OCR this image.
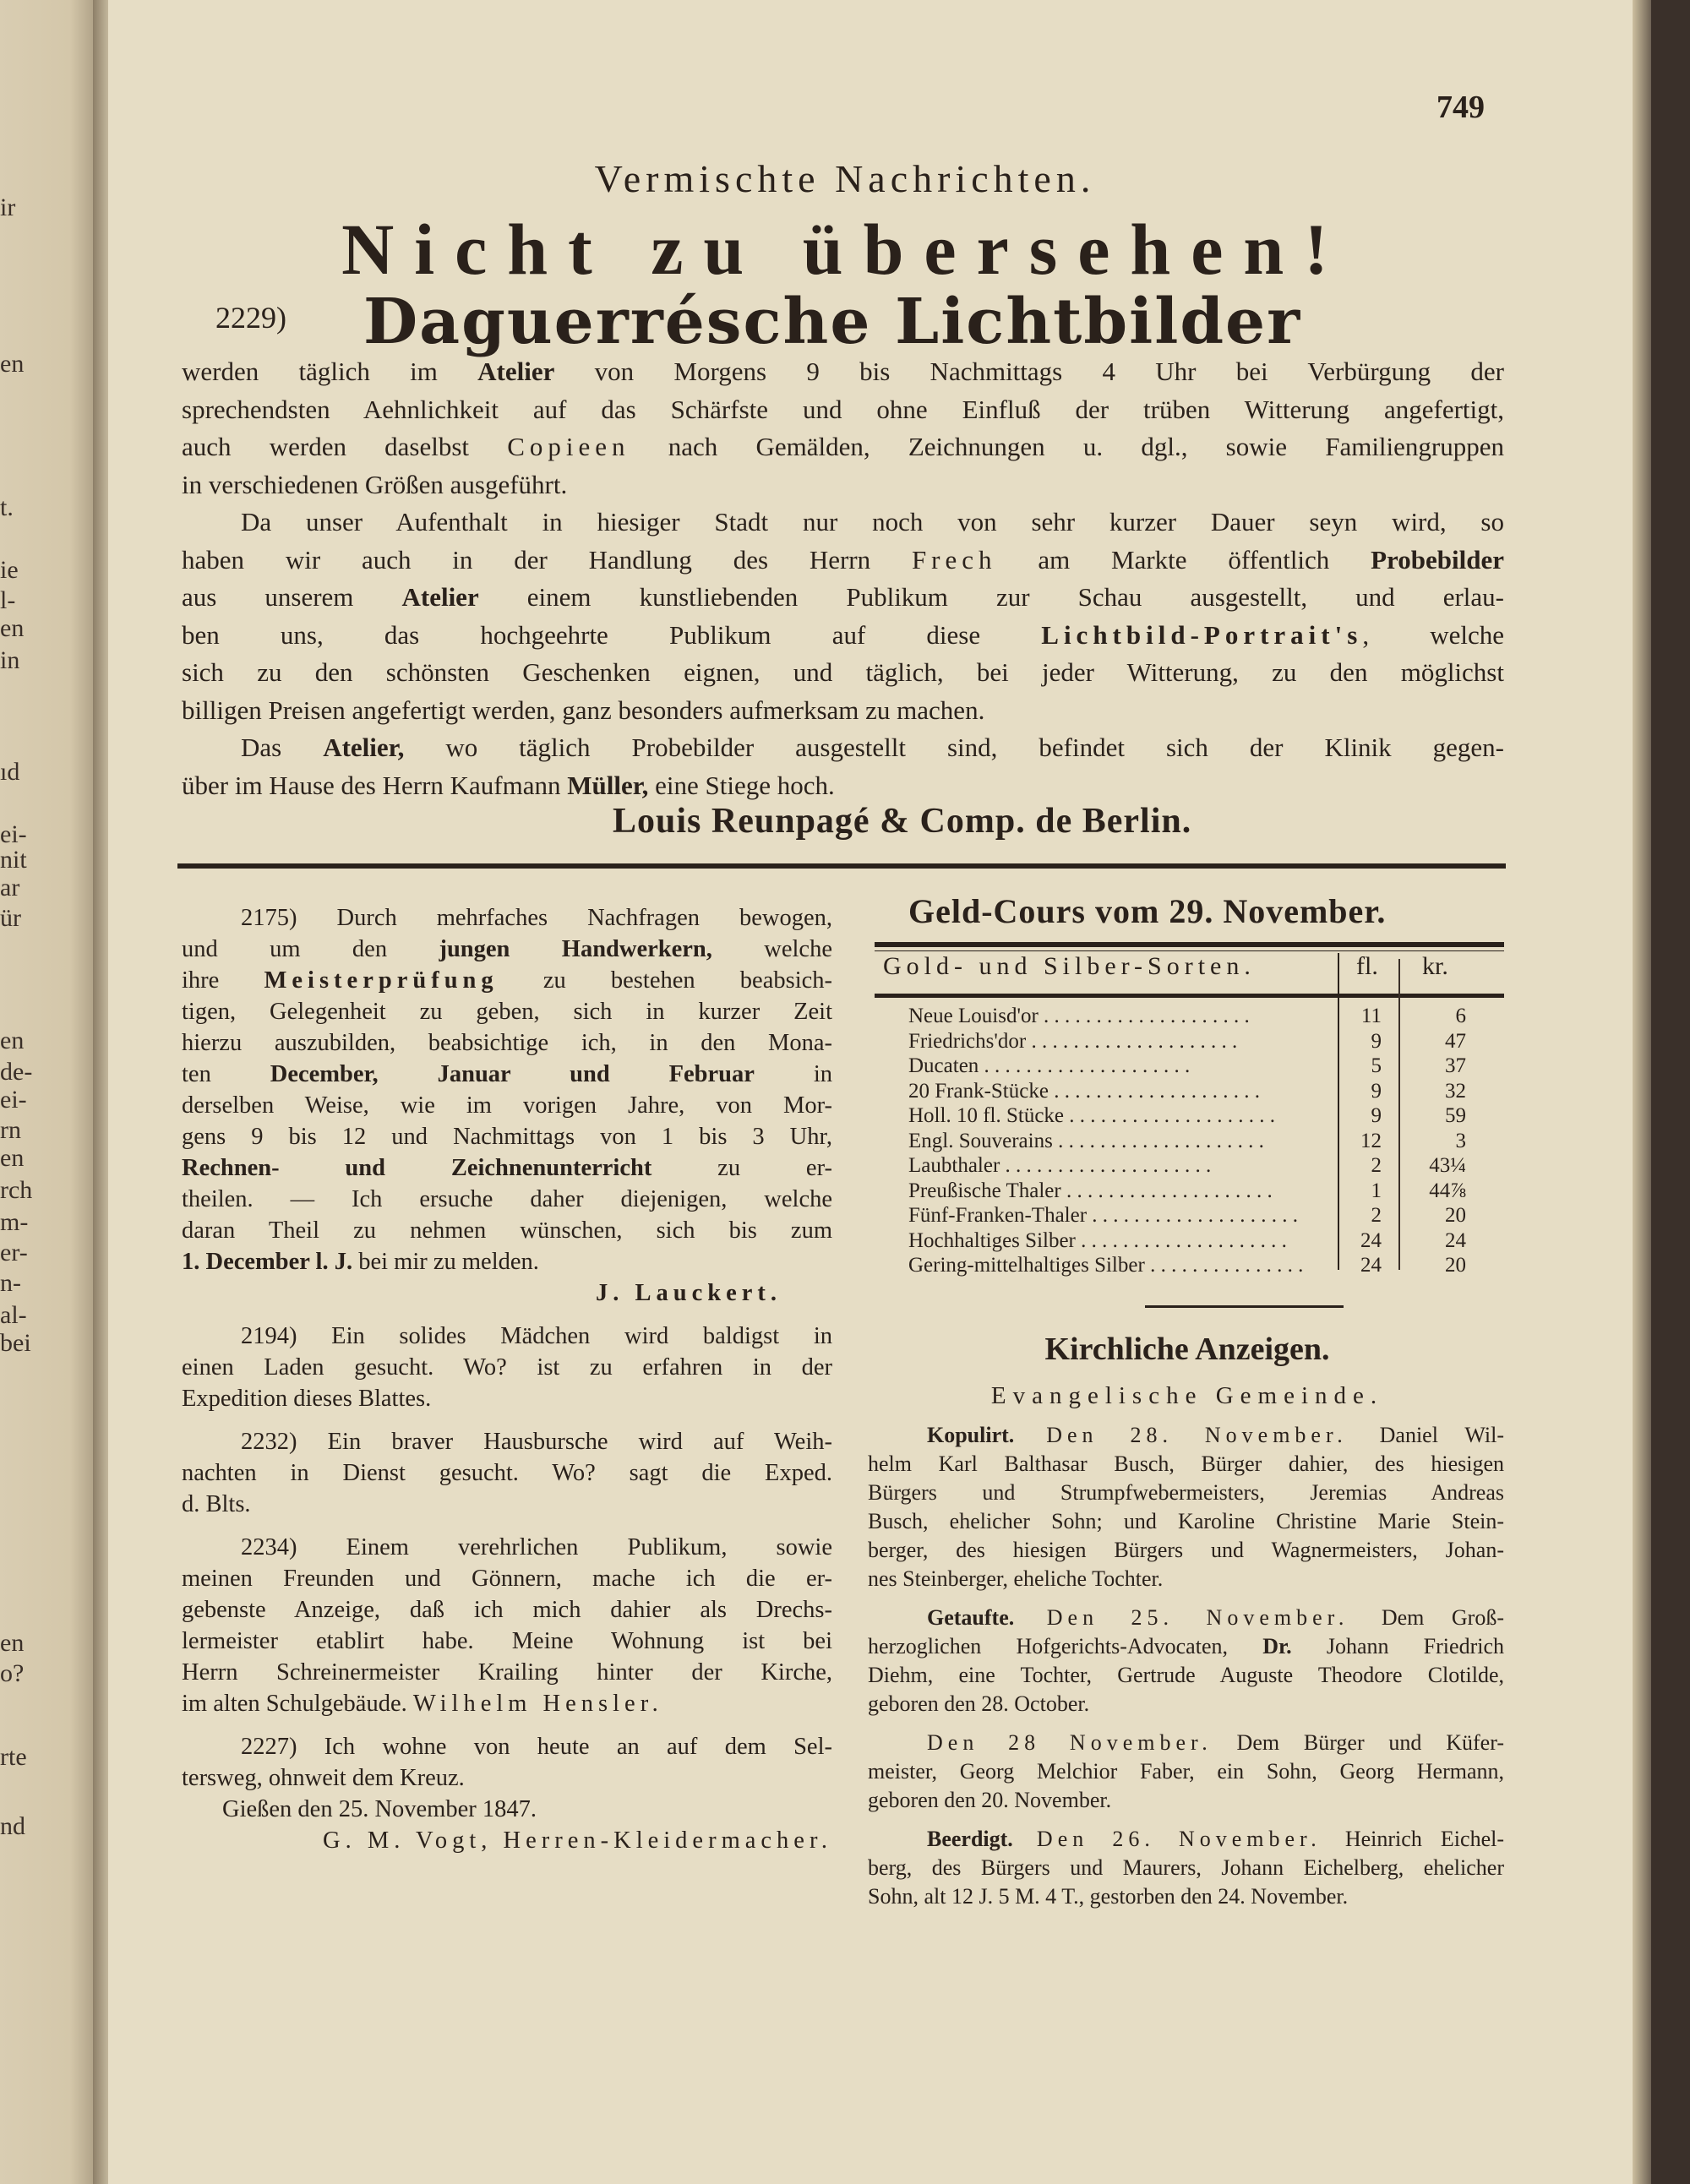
ir
en
t.
ie
l-
en
in
ıd
ei-
nit
ar
ür
en
de-
ei-
rn
en
rch
m-
er-
n-
al-
bei
en
o?
rte
nd
749
Vermischte Nachrichten.
Nicht zu übersehen!
2229) Daguerrésche Lichtbilder
werden täglich im Atelier von Morgens 9 bis Nachmittags 4 Uhr bei Verbürgung der
sprechendsten Aehnlichkeit auf das Schärfste und ohne Einfluß der trüben Witterung angefertigt,
auch werden daselbst Copieen nach Gemälden, Zeichnungen u. dgl., sowie Familiengruppen
in verschiedenen Größen ausgeführt.
Da unser Aufenthalt in hiesiger Stadt nur noch von sehr kurzer Dauer seyn wird, so
haben wir auch in der Handlung des Herrn Frech am Markte öffentlich Probebilder
aus unserem Atelier einem kunstliebenden Publikum zur Schau ausgestellt, und erlau-
ben uns, das hochgeehrte Publikum auf diese Lichtbild-Portrait's, welche
sich zu den schönsten Geschenken eignen, und täglich, bei jeder Witterung, zu den möglichst
billigen Preisen angefertigt werden, ganz besonders aufmerksam zu machen.
Das Atelier, wo täglich Probebilder ausgestellt sind, befindet sich der Klinik gegen-
über im Hause des Herrn Kaufmann Müller, eine Stiege hoch.
Louis Reunpagé & Comp. de Berlin.
2175) Durch mehrfaches Nachfragen bewogen,
und um den jungen Handwerkern, welche
ihre Meisterprüfung zu bestehen beabsich-
tigen, Gelegenheit zu geben, sich in kurzer Zeit
hierzu auszubilden, beabsichtige ich, in den Mona-
ten December, Januar und Februar in
derselben Weise, wie im vorigen Jahre, von Mor-
gens 9 bis 12 und Nachmittags von 1 bis 3 Uhr,
Rechnen- und Zeichnenunterricht zu er-
theilen. — Ich ersuche daher diejenigen, welche
daran Theil zu nehmen wünschen, sich bis zum
1. December l. J. bei mir zu melden.
J. Lauckert.
2194) Ein solides Mädchen wird baldigst in
einen Laden gesucht. Wo? ist zu erfahren in der
Expedition dieses Blattes.
2232) Ein braver Hausbursche wird auf Weih-
nachten in Dienst gesucht. Wo? sagt die Exped.
d. Blts.
2234) Einem verehrlichen Publikum, sowie
meinen Freunden und Gönnern, mache ich die er-
gebenste Anzeige, daß ich mich dahier als Drechs-
lermeister etablirt habe. Meine Wohnung ist bei
Herrn Schreinermeister Krailing hinter der Kirche,
im alten Schulgebäude. Wilhelm Hensler.
2227) Ich wohne von heute an auf dem Sel-
tersweg, ohnweit dem Kreuz.
Gießen den 25. November 1847.
G. M. Vogt, Herren-Kleidermacher.
Geld-Cours vom 29. November.
Gold- und Silber-Sorten.	fl. kr.
Neue Louisd'or . .	11	6
Friedrichs'dor . .	9	47
Ducaten . .	5	37
20 Frank-Stücke . .	9	32
Holl. 10 fl. Stücke . .	9	59
Engl. Souverains . .	12	3
Laubthaler . .	2	43¼
Preußische Thaler . .	1	44⅞
Fünf-Franken-Thaler . .	2	20
Hochhaltiges Silber . .	24	24
Gering-mittelhaltiges Silber . .	24	20
Kirchliche Anzeigen.
Evangelische Gemeinde.
Kopulirt. Den 28. November. Daniel Wil-
helm Karl Balthasar Busch, Bürger dahier, des hiesigen
Bürgers und Strumpfwebermeisters, Jeremias Andreas
Busch, ehelicher Sohn; und Karoline Christine Marie Stein-
berger, des hiesigen Bürgers und Wagnermeisters, Johan-
nes Steinberger, eheliche Tochter.
Getaufte. Den 25. November. Dem Groß-
herzoglichen Hofgerichts-Advocaten, Dr. Johann Friedrich
Diehm, eine Tochter, Gertrude Auguste Theodore Clotilde,
geboren den 28. October.
Den 28 November. Dem Bürger und Küfer-
meister, Georg Melchior Faber, ein Sohn, Georg Hermann,
geboren den 20. November.
Beerdigt. Den 26. November. Heinrich Eichel-
berg, des Bürgers und Maurers, Johann Eichelberg, ehelicher
Sohn, alt 12 J. 5 M. 4 T., gestorben den 24. November.
